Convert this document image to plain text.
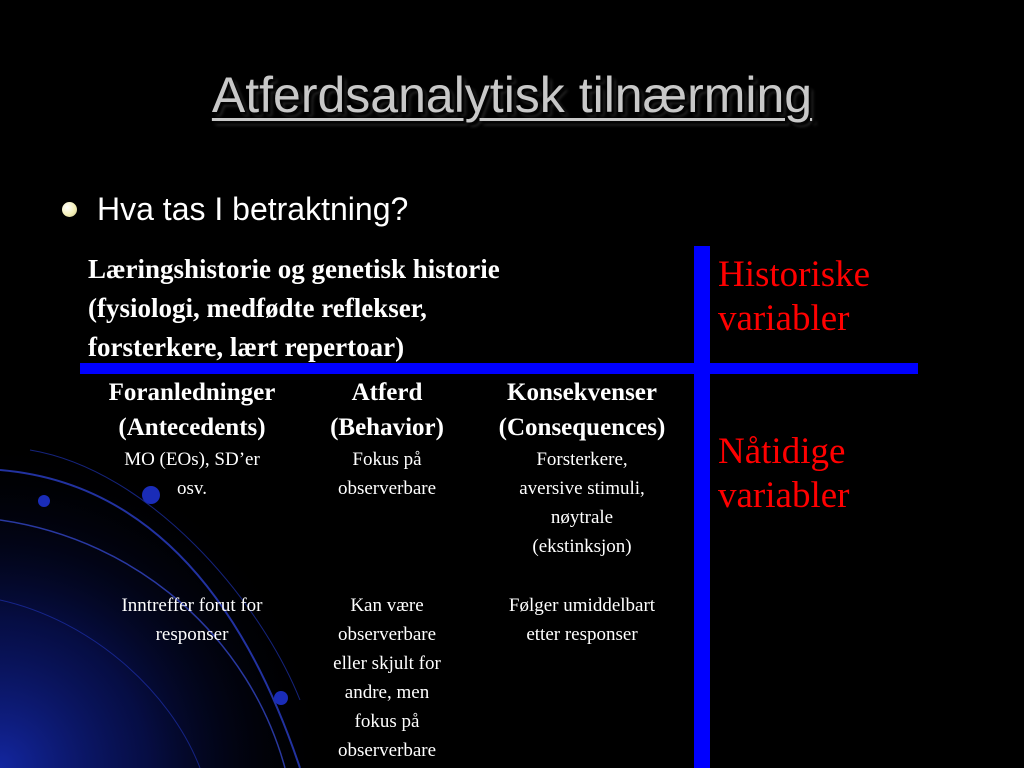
Atferdsanalytisk tilnærming
Hva tas I betraktning?
Læringshistorie og genetisk historie
(fysiologi, medfødte reflekser,
forsterkere, lært repertoar)
Historiske
variabler
Nåtidige
variabler
Foranledninger
(Antecedents)
MO (EOs), SD’er
osv.
Inntreffer forut for
responser
Atferd
(Behavior)
Fokus på
observerbare
Kan være
observerbare
eller skjult for
andre, men
fokus på
observerbare
Konsekvenser
(Consequences)
Forsterkere,
aversive stimuli,
nøytrale
(ekstinksjon)
Følger umiddelbart
etter responser
